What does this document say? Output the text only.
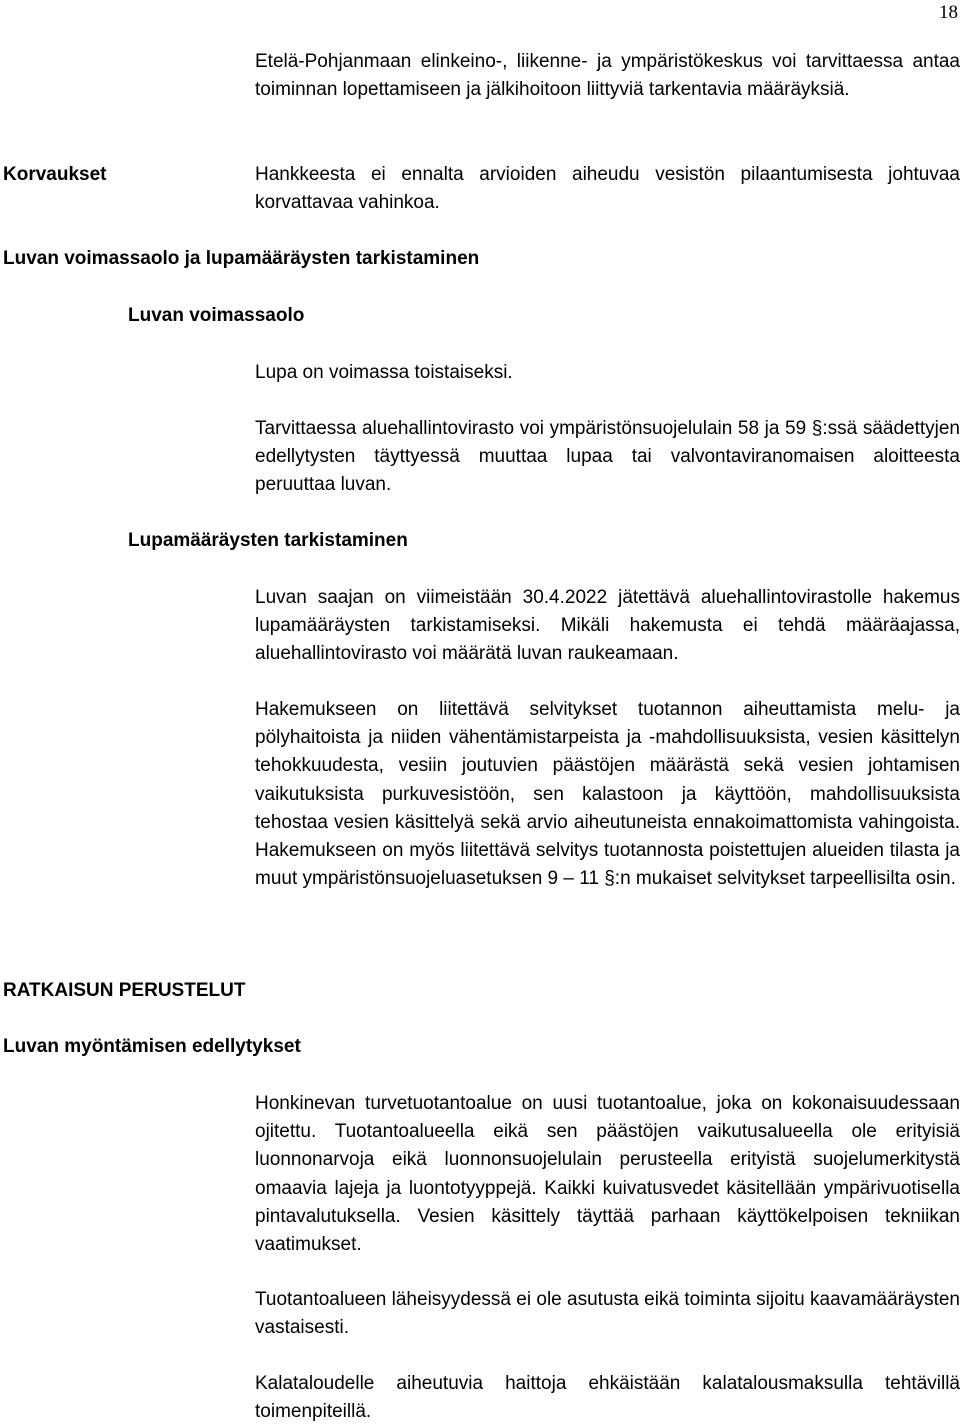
18

Etelä-Pohjanmaan elinkeino-, liikenne- ja ympäristökeskus voi tarvittaessa antaa toiminnan lopettamiseen ja jälkihoitoon liittyviä tarkentavia määräyksiä.

Korvaukset	Hankkeesta ei ennalta arvioiden aiheudu vesistön pilaantumisesta johtuvaa korvattavaa vahinkoa.

Luvan voimassaolo ja lupamääräysten tarkistaminen

Luvan voimassaolo

Lupa on voimassa toistaiseksi.

Tarvittaessa aluehallintovirasto voi ympäristönsuojelulain 58 ja 59 §:ssä säädettyjen edellytysten täyttyessä muuttaa lupaa tai valvontaviranomaisen aloitteesta peruuttaa luvan.

Lupamääräysten tarkistaminen

Luvan saajan on viimeistään 30.4.2022 jätettävä aluehallintovirastolle hakemus lupamääräysten tarkistamiseksi. Mikäli hakemusta ei tehdä määräajassa, aluehallintovirasto voi määrätä luvan raukeamaan.

Hakemukseen on liitettävä selvitykset tuotannon aiheuttamista melu- ja pölyhaitoista ja niiden vähentämistarpeista ja -mahdollisuuksista, vesien käsittelyn tehokkuudesta, vesiin joutuvien päästöjen määrästä sekä vesien johtamisen vaikutuksista purkuvesistöön, sen kalastoon ja käyttöön, mahdollisuuksista tehostaa vesien käsittelyä sekä arvio aiheutuneista ennakoimattomista vahingoista. Hakemukseen on myös liitettävä selvitys tuotannosta poistettujen alueiden tilasta ja muut ympäristönsuojeluasetuksen 9 – 11 §:n mukaiset selvitykset tarpeellisilta osin.

RATKAISUN PERUSTELUT

Luvan myöntämisen edellytykset

Honkinevan turvetuotantoalue on uusi tuotantoalue, joka on kokonaisuudessaan ojitettu. Tuotantoalueella eikä sen päästöjen vaikutusalueella ole erityisiä luonnonarvoja eikä luonnonsuojelulain perusteella erityistä suojelumerkitystä omaavia lajeja ja luontotyyppejä. Kaikki kuivatusvedet käsitellään ympärivuotisella pintavalutuksella. Vesien käsittely täyttää parhaan käyttökelpoisen tekniikan vaatimukset.

Tuotantoalueen läheisyydessä ei ole asutusta eikä toiminta sijoitu kaavamääräysten vastaisesti.

Kalataloudelle aiheutuvia haittoja ehkäistään kalatalousmaksulla tehtävillä toimenpiteillä.
